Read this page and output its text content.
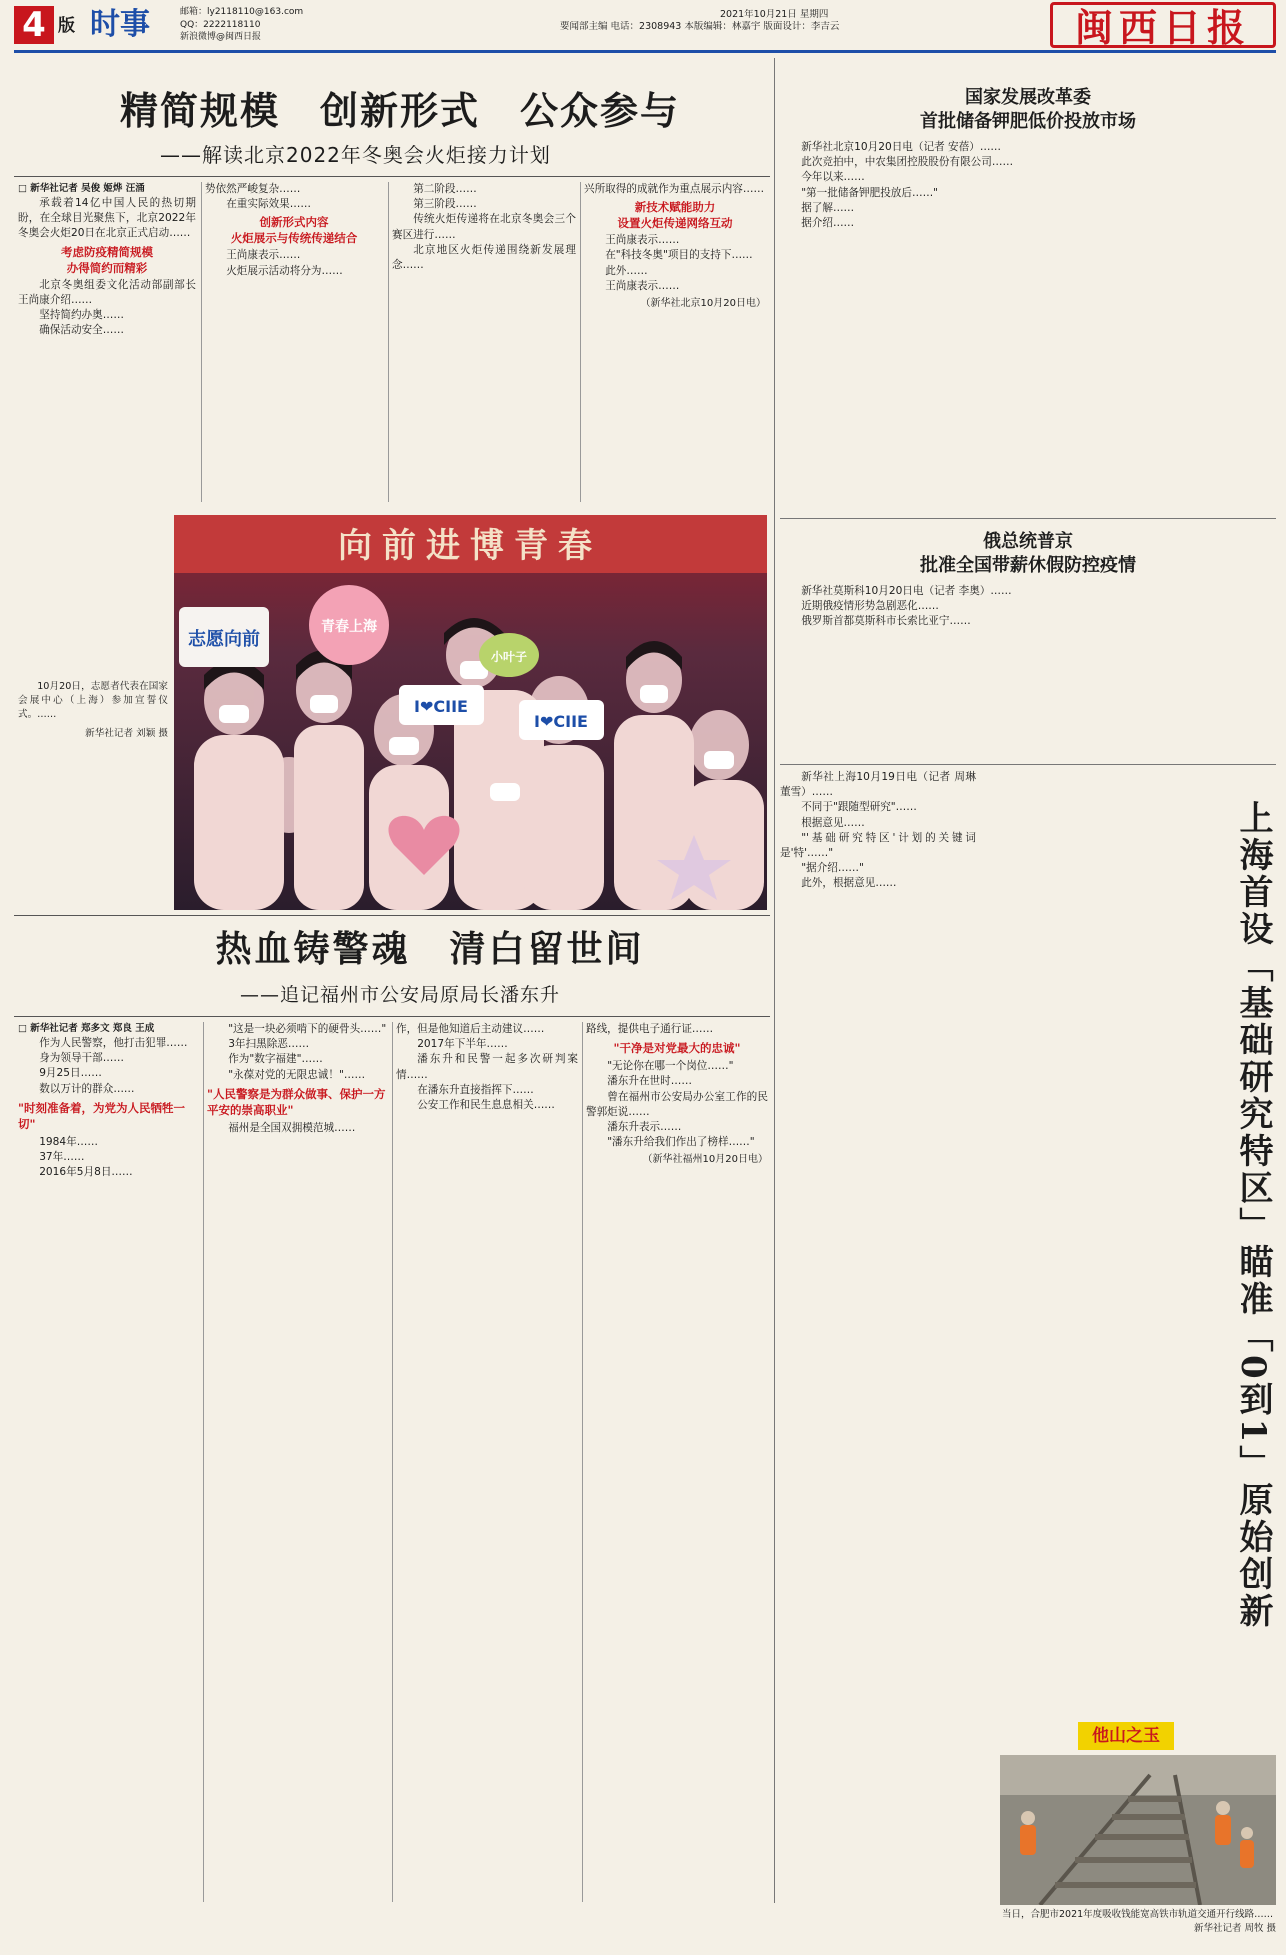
4 版 时事	邮箱：ly2118110@163.com
QQ：2222118110
新浪微博@闽西日报
2021年10月21日 星期四
要闻部主编 电话：2308943 本版编辑：林嘉宇 版面设计：李吉云	闽西日报
精简规模　创新形式　公众参与
——解读北京2022年冬奥会火炬接力计划
□ 新华社记者 吴俊 姬烨 汪涌

承载着14亿中国人民的热切期盼，在全球目光聚焦下，北京2022年冬奥会火炬20日在北京正式启动……

考虑防疫精简规模
办得简约而精彩

北京冬奥组委文化活动部副部长王尚康介绍……

坚持简约办奥……

确保活动安全……

势依然严峻复杂……

在重实际效果……

创新形式内容
火炬展示与传统传递结合

王尚康表示……

火炬展示活动将分为……

第二阶段……

第三阶段……

传统火炬传递将在北京冬奥会三个赛区进行……

北京地区火炬传递围绕新发展理念……

兴所取得的成就作为重点展示内容……

新技术赋能助力
设置火炬传递网络互动

王尚康表示……

在"科技冬奥"项目的支持下……

此外……

王尚康表示……

（新华社北京10月20日电）
国家发展改革委
首批储备钾肥低价投放市场

新华社北京10月20日电（记者 安蓓）……

此次竞拍中，中农集团控股股份有限公司……

今年以来……

"第一批储备钾肥投放后……"

据了解……

据介绍……

俄总统普京
批准全国带薪休假防控疫情

新华社莫斯科10月20日电（记者 李奥）……

近期俄疫情形势急剧恶化……

俄罗斯首都莫斯科市长索比亚宁……

向前进博青春
志愿向前
青春上海
I❤CIIE
小叶子
I❤CIIE

10月20日，志愿者代表在国家会展中心（上海）参加宣誓仪式。……

新华社记者 刘颖 摄
热血铸警魂　清白留世间
——追记福州市公安局原局长潘东升
□ 新华社记者 郑多文 郑良 王成

作为人民警察，他打击犯罪……

身为领导干部……

9月25日……

数以万计的群众……

"时刻准备着，为党为人民牺牲一切"

1984年……

37年……

2016年5月8日……

"这是一块必须啃下的硬骨头……"

3年扫黑除恶……

作为"数字福建"……

"永葆对党的无限忠诚！"……

"人民警察是为群众做事、保护一方平安的崇高职业"

福州是全国双拥模范城……

作，但是他知道后主动建议……

2017年下半年……

潘东升和民警一起多次研判案情……

在潘东升直接指挥下……

公安工作和民生息息相关……

路线，提供电子通行证……

"干净是对党最大的忠诚"

"无论你在哪一个岗位……"

潘东升在世时……

曾在福州市公安局办公室工作的民警郭炬说……

潘东升表示……

"潘东升给我们作出了榜样……"

（新华社福州10月20日电）

新华社上海10月19日电（记者 周琳 董雪）……

不同于"跟随型研究"……

根据意见……

"'基础研究特区'计划的关键词是'特'……"

"据介绍……"

此外，根据意见……	上海首设「基础研究特区」瞄准「0到1」原始创新
他山之玉
当日，合肥市2021年度吸收钱能宽高铁市轨道交通开行线路……
新华社记者 周牧 摄
